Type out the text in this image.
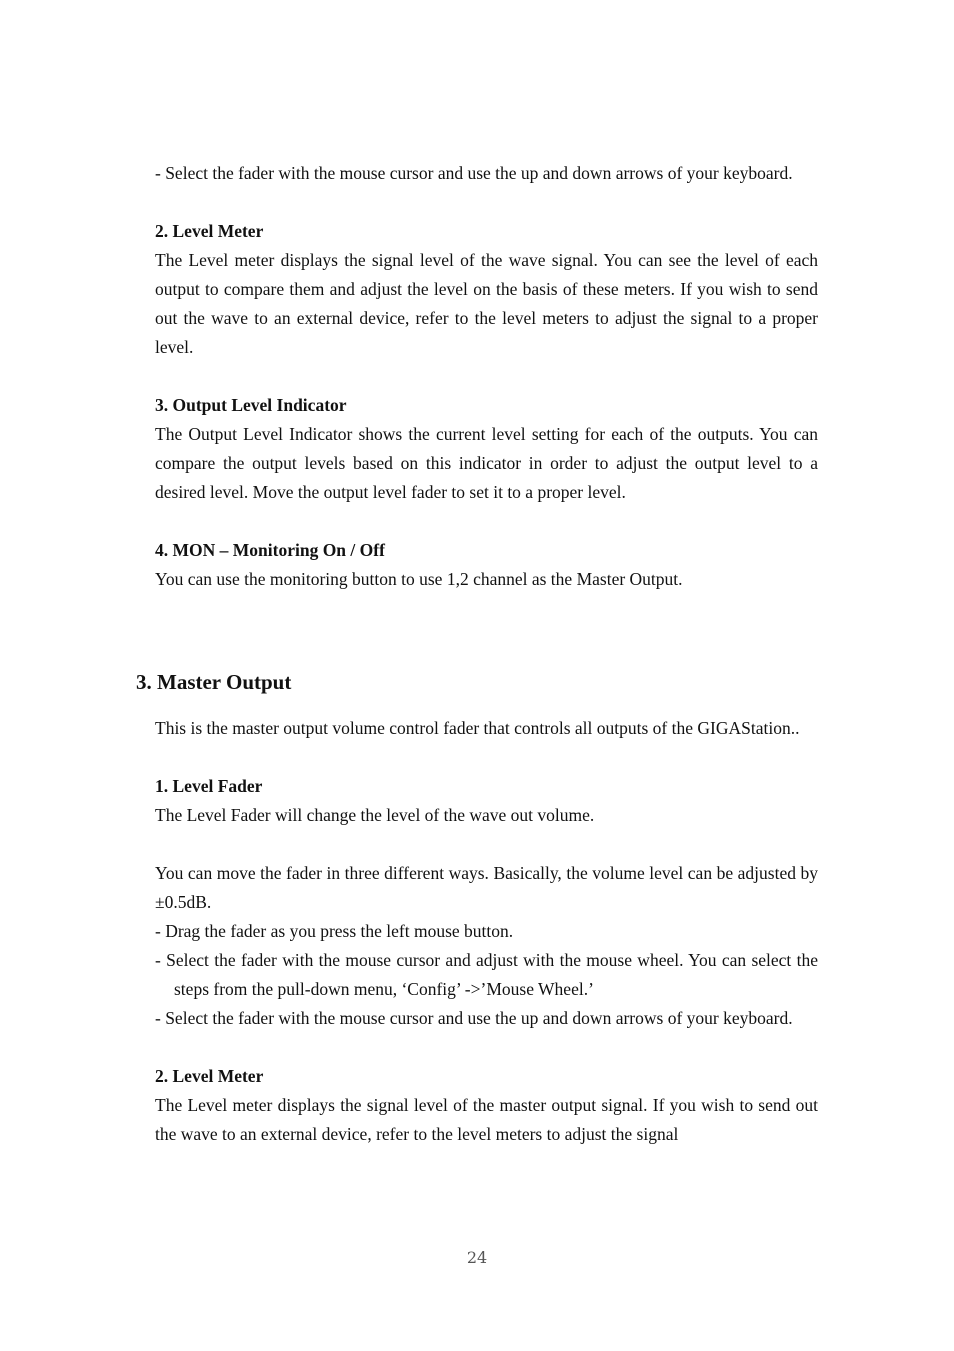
- Select the fader with the mouse cursor and use the up and down arrows of your keyboard.

2. Level Meter

The Level meter displays the signal level of the wave signal. You can see the level of each output to compare them and adjust the level on the basis of these meters. If you wish to send out the wave to an external device, refer to the level meters to adjust the signal to a proper level.

3. Output Level Indicator

The Output Level Indicator shows the current level setting for each of the outputs. You can compare the output levels based on this indicator in order to adjust the output level to a desired level. Move the output level fader to set it to a proper level.

4. MON – Monitoring On / Off

You can use the monitoring button to use 1,2 channel as the Master Output.

3. Master Output

This is the master output volume control fader that controls all outputs of the GIGAStation..

1. Level Fader

The Level Fader will change the level of the wave out volume.

You can move the fader in three different ways. Basically, the volume level can be adjusted by ±0.5dB.

- Drag the fader as you press the left mouse button.

- Select the fader with the mouse cursor and adjust with the mouse wheel. You can select the steps from the pull-down menu, ‘Config’ ->’Mouse Wheel.’

- Select the fader with the mouse cursor and use the up and down arrows of your keyboard.

2. Level Meter

The Level meter displays the signal level of the master output signal. If you wish to send out the wave to an external device, refer to the level meters to adjust the signal

24
